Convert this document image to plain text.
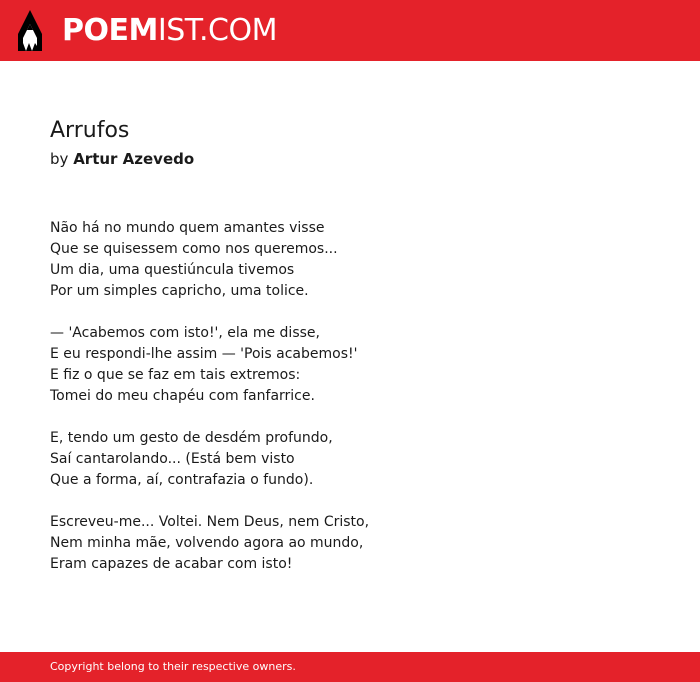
POEMIST.COM
Arrufos
by Artur Azevedo
Não há no mundo quem amantes visse
Que se quisessem como nos queremos...
Um dia, uma questiúncula tivemos
Por um simples capricho, uma tolice.
— 'Acabemos com isto!', ela me disse,
E eu respondi-lhe assim — 'Pois acabemos!'
E fiz o que se faz em tais extremos:
Tomei do meu chapéu com fanfarrice.
E, tendo um gesto de desdém profundo,
Saí cantarolando... (Está bem visto
Que a forma, aí, contrafazia o fundo).
Escreveu-me... Voltei. Nem Deus, nem Cristo,
Nem minha mãe, volvendo agora ao mundo,
Eram capazes de acabar com isto!
Copyright belong to their respective owners.
